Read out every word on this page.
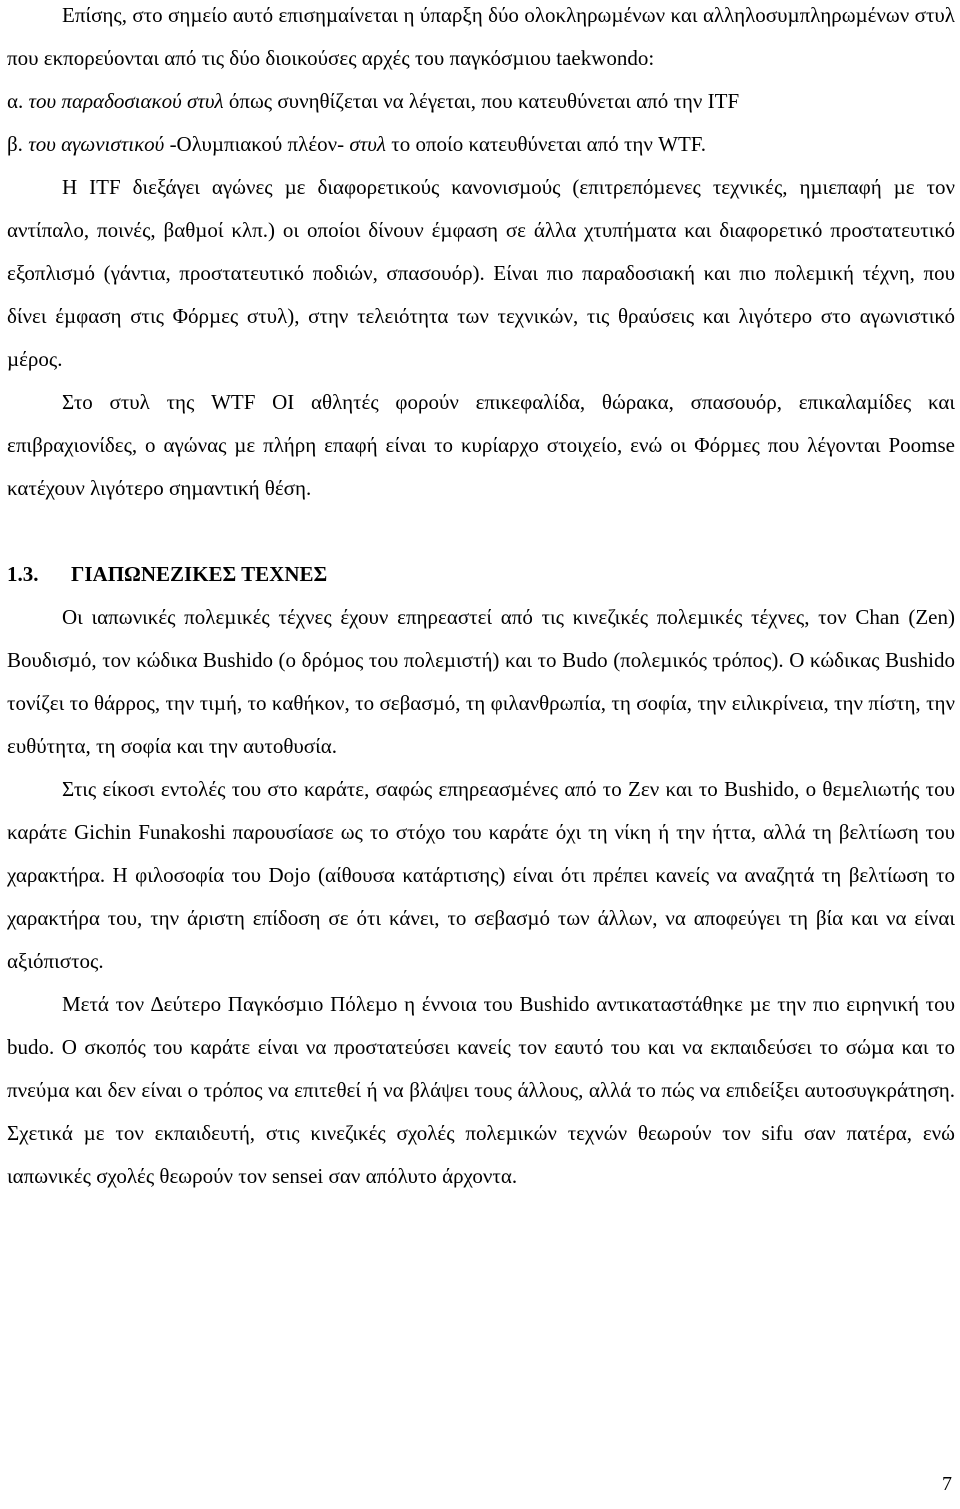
Επίσης, στο σηµείο αυτό επισηµαίνεται η ύπαρξη δύο ολοκληρωµένων και αλληλοσυµπληρωµένων στυλ που εκπορεύονται από τις δύο διοικούσες αρχές του παγκόσµιου taekwondo:

α. του παραδοσιακού στυλ όπως συνηθίζεται να λέγεται, που κατευθύνεται από την ITF

β. του αγωνιστικού -Ολυµπιακού πλέον- στυλ το οποίο κατευθύνεται από την WTF.

Η ITF διεξάγει αγώνες µε διαφορετικούς κανονισµούς (επιτρεπόµενες τεχνικές, ηµιεπαφή µε τον αντίπαλο, ποινές, βαθµοί κλπ.) οι οποίοι δίνουν έµφαση σε άλλα χτυπήµατα και διαφορετικό προστατευτικό εξοπλισµό (γάντια, προστατευτικό ποδιών, σπασουόρ). Είναι πιο παραδοσιακή και πιο πολεµική τέχνη, που δίνει έµφαση στις Φόρµες στυλ), στην τελειότητα των τεχνικών, τις θραύσεις και λιγότερο στο αγωνιστικό µέρος.

Στο στυλ της WTF ΟΙ αθλητές φορούν επικεφαλίδα, θώρακα, σπασουόρ, επικαλαµίδες και επιβραχιονίδες, ο αγώνας µε πλήρη επαφή είναι το κυρίαρχο στοιχείο, ενώ οι Φόρµες που λέγονται Poomse κατέχουν λιγότερο σηµαντική θέση.

1.3. ΓΙΑΠΩΝΕΖΙΚΕΣ ΤΕΧΝΕΣ

Οι ιαπωνικές πολεµικές τέχνες έχουν επηρεαστεί από τις κινεζικές πολεµικές τέχνες, τον Chan (Zen) Βουδισµό, τον κώδικα Bushido (ο δρόµος του πολεµιστή) και το Budo (πολεµικός τρόπος). Ο κώδικας Bushido τονίζει το θάρρος, την τιµή, το καθήκον, το σεβασµό, τη φιλανθρωπία, τη σοφία, την ειλικρίνεια, την πίστη, την ευθύτητα, τη σοφία και την αυτοθυσία.

Στις είκοσι εντολές του στο καράτε, σαφώς επηρεασµένες από το Ζεν και το Bushido, ο θεµελιωτής του καράτε Gichin Funakoshi παρουσίασε ως το στόχο του καράτε όχι τη νίκη ή την ήττα, αλλά τη βελτίωση του χαρακτήρα. Η φιλοσοφία του Dojo (αίθουσα κατάρτισης) είναι ότι πρέπει κανείς να αναζητά τη βελτίωση το χαρακτήρα του, την άριστη επίδοση σε ότι κάνει, το σεβασµό των άλλων, να αποφεύγει τη βία και να είναι αξιόπιστος.

Μετά τον ∆εύτερο Παγκόσµιο Πόλεµο η έννοια του Bushido αντικαταστάθηκε µε την πιο ειρηνική του budo. Ο σκοπός του καράτε είναι να προστατεύσει κανείς τον εαυτό του και να εκπαιδεύσει το σώµα και το πνεύµα και δεν είναι ο τρόπος να επιτεθεί ή να βλάψει τους άλλους, αλλά το πώς να επιδείξει αυτοσυγκράτηση. Σχετικά µε τον εκπαιδευτή, στις κινεζικές σχολές πολεµικών τεχνών θεωρούν τον sifu σαν πατέρα, ενώ ιαπωνικές σχολές θεωρούν τον sensei σαν απόλυτο άρχοντα.

7
